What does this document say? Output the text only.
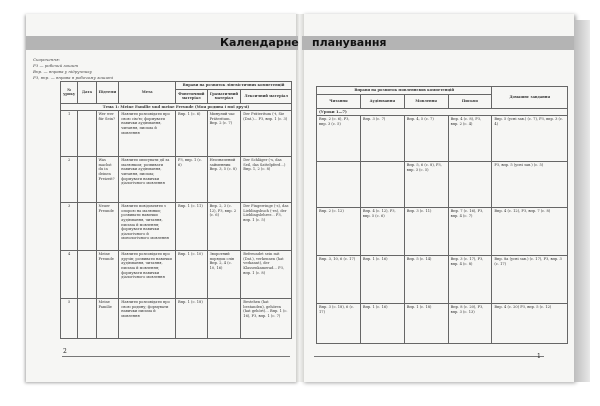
Календарне планування
Скорочення:
РЗ — робочий зошит
Впр. — вправа у підручнику
РЗ, впр. — вправа в робочому зошиті
№ уроку	Дата	Підтеми	Мета	Вправи на розвиток лінгвістичних компетенцій		
				Фонетичний матеріал	Граматичний матеріал	Лексичний матеріал
Тема 1: Meine Familie und meine Freunde (Моя родина і мої друзі)						
1		Wer wer für Sein?	Навчити розповідати про свою сім'ю; формувати навички аудіювання, читання, письма й мовлення	Впр. 1 (с. 6)	Минулий час Präteritum. Впр. 2 (с. 7)	Der Präteritum (-t, Sie (Dat.)… РЗ, впр. 1 (с. 3)
2		Was machst du in deinen Freizeit?	Навчити описувати дії за малюнком; розвивати навички аудіювання, читання, письма; формувати навички діалогічного мовлення	РЗ, впр. 1 (с. 6)	Неозначений займенник Впр. 3, 5 (с. 8)	Der Schläger (-s, das Seil, das Sattelpferd…) Впр. 1, 2 (с. 8)
3		Neuer Freunde	Навчити повідомляти з опорою на малюнки; розвивати навички аудіювання, читання, письма й мовлення; формувати навички діалогічного й монологічного мовлення	Впр. 1 (с. 11)	Впр. 2, 3 (с. 12), РЗ, впр. 2 (с. 6)	Der Fingerringe (-s), das Lieblingsbuch (-es), der Lieblingslehrer… РЗ, впр. 1 (с. 5)
4		Meine Freunde	Навчити розповідати про друзів; розвивати навички аудіювання, читання, письма й мовлення; формувати навички діалогічного мовлення	Впр. 1 (с. 10)	Зворотний порядок слів Впр. 2, 4 (с. 10, 16)	Befreundet sein mit (Dat.), verkennen (hat verkannt), der Klassenkamerad… РЗ, впр. 1 (с. 8)
5		Meine Familie	Навчити розповідати про свою родину; формувати навички письма й мовлення	Впр. 1 (с. 18)		Bestehen (hat bestanden), gehören (hat gehört)… Впр. 1 (с. 16), РЗ, впр. 1 (с. 7)
Вправи на розвиток мовленнєвих компетенцій				Домашнє завдання
Читання	Аудіювання	Мовлення	Письмо	
(Уроки 1—7)				
Впр. 2 (с. 6), РЗ, впр. 3 (с. 5)	Впр. 3 (с. 7)	Впр. 4, 5 (с. 7)	Впр. 4 (с. 8), РЗ, впр. 2 (с. 4)	Впр. 5 (усні зав.) (с. 7), РЗ, впр. 3 (с. 4)
		Впр. 5, 6 (с. 8), РЗ, впр. 3 (с. 5)		РЗ, впр. 5 (усні зав.) (с. 5)
Впр. 2 (с. 12)	Впр. 4 (с. 12), РЗ, впр. 5 (с. 6)	Впр. 3 (с. 11)	Впр. 7 (с. 16), РЗ, впр. 4 (с. 7)	Впр. 4 (с. 12), РЗ, впр. 7 (с. 8)
Впр. 3, 10, 6 (с. 17)	Впр. 1 (с. 16)	Впр. 5 (с. 14)	Впр. 3 (с. 17), РЗ, впр. 4 (с. 8)	Впр. 8а (усні зав.) (с. 17), РЗ, впр. 3 (с. 17)
Впр. 3 (с. 18), 6 (с. 17)	Впр. 1 (с. 16)	Впр. 1 (с. 18)	Впр. 8 (с. 20), РЗ, впр. 3 (с. 13)	Впр. 4 (с. 20) РЗ, впр. 5 (с. 12)
2
1
